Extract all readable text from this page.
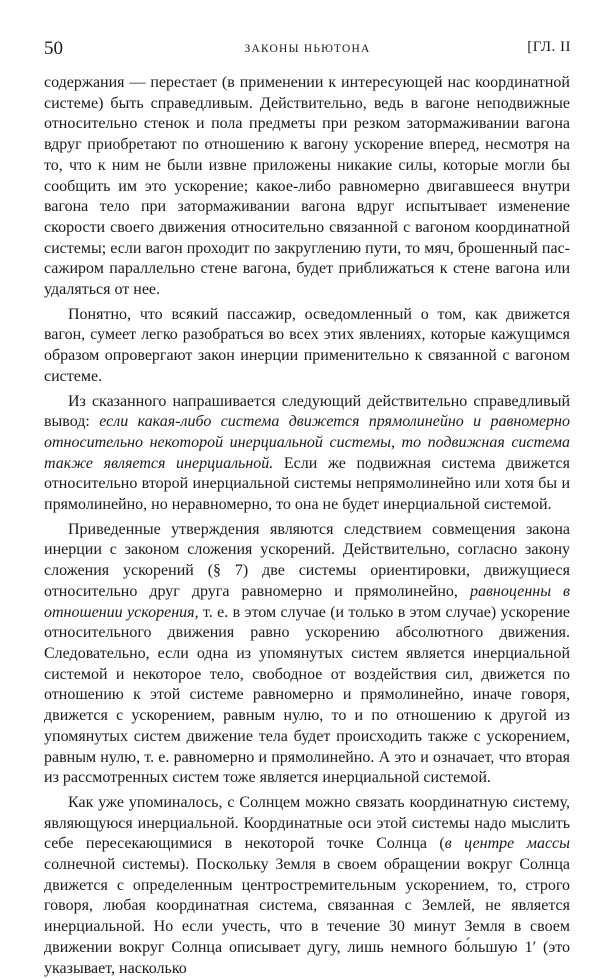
50	ЗАКОНЫ НЬЮТОНА	[ГЛ. II

содержания — перестает (в применении к интересующей нас координатной системе) быть справедливым. Действительно, ведь в вагоне неподвижные относительно стенок и пола предметы при резком затормаживании вагона вдруг приобретают по отношению к вагону ускорение вперед, несмотря на то, что к ним не были извне приложены никакие силы, которые могли бы сообщить им это ускорение; какое-либо равномерно двигавшееся внутри вагона тело при затормаживании вагона вдруг испытывает изменение скорости своего движения относительно связанной с вагоном координатной системы; если вагон проходит по закруглению пути, то мяч, брошенный пассажиром параллельно стене вагона, будет приближаться к стене вагона или удаляться от нее.

Понятно, что всякий пассажир, осведомленный о том, как движется вагон, сумеет легко разобраться во всех этих явлениях, которые кажущимся образом опровергают закон инерции применительно к связанной с вагоном системе.

Из сказанного напрашивается следующий действительно справедливый вывод: если какая-либо система движется прямолинейно и равномерно относительно некоторой инерциальной системы, то подвижная система также является инерциальной. Если же подвижная система движется относительно второй инерциальной системы непрямолинейно или хотя бы и прямолинейно, но неравномерно, то она не будет инерциальной системой.

Приведенные утверждения являются следствием совмещения закона инерции с законом сложения ускорений. Действительно, согласно закону сложения ускорений (§ 7) две системы ориентировки, движущиеся относительно друг друга равномерно и прямолинейно, равноценны в отношении ускорения, т. е. в этом случае (и только в этом случае) ускорение относительного движения равно ускорению абсолютного движения. Следовательно, если одна из упомянутых систем является инерциальной системой и некоторое тело, свободное от воздействия сил, движется по отношению к этой системе равномерно и прямолинейно, иначе говоря, движется с ускорением, равным нулю, то и по отношению к другой из упомянутых систем движение тела будет происходить также с ускорением, равным нулю, т. е. равномерно и прямолинейно. А это и означает, что вторая из рассмотренных систем тоже является инерциальной системой.

Как уже упоминалось, с Солнцем можно связать координатную систему, являющуюся инерциальной. Координатные оси этой системы надо мыслить себе пересекающимися в некоторой точке Солнца (в центре массы солнечной системы). Поскольку Земля в своем обращении вокруг Солнца движется с определенным центростремительным ускорением, то, строго говоря, любая координатная система, связанная с Землей, не является инерциальной. Но если учесть, что в течение 30 минут Земля в своем движении вокруг Солнца описывает дугу, лишь немного бо́льшую 1′ (это указывает, насколько
